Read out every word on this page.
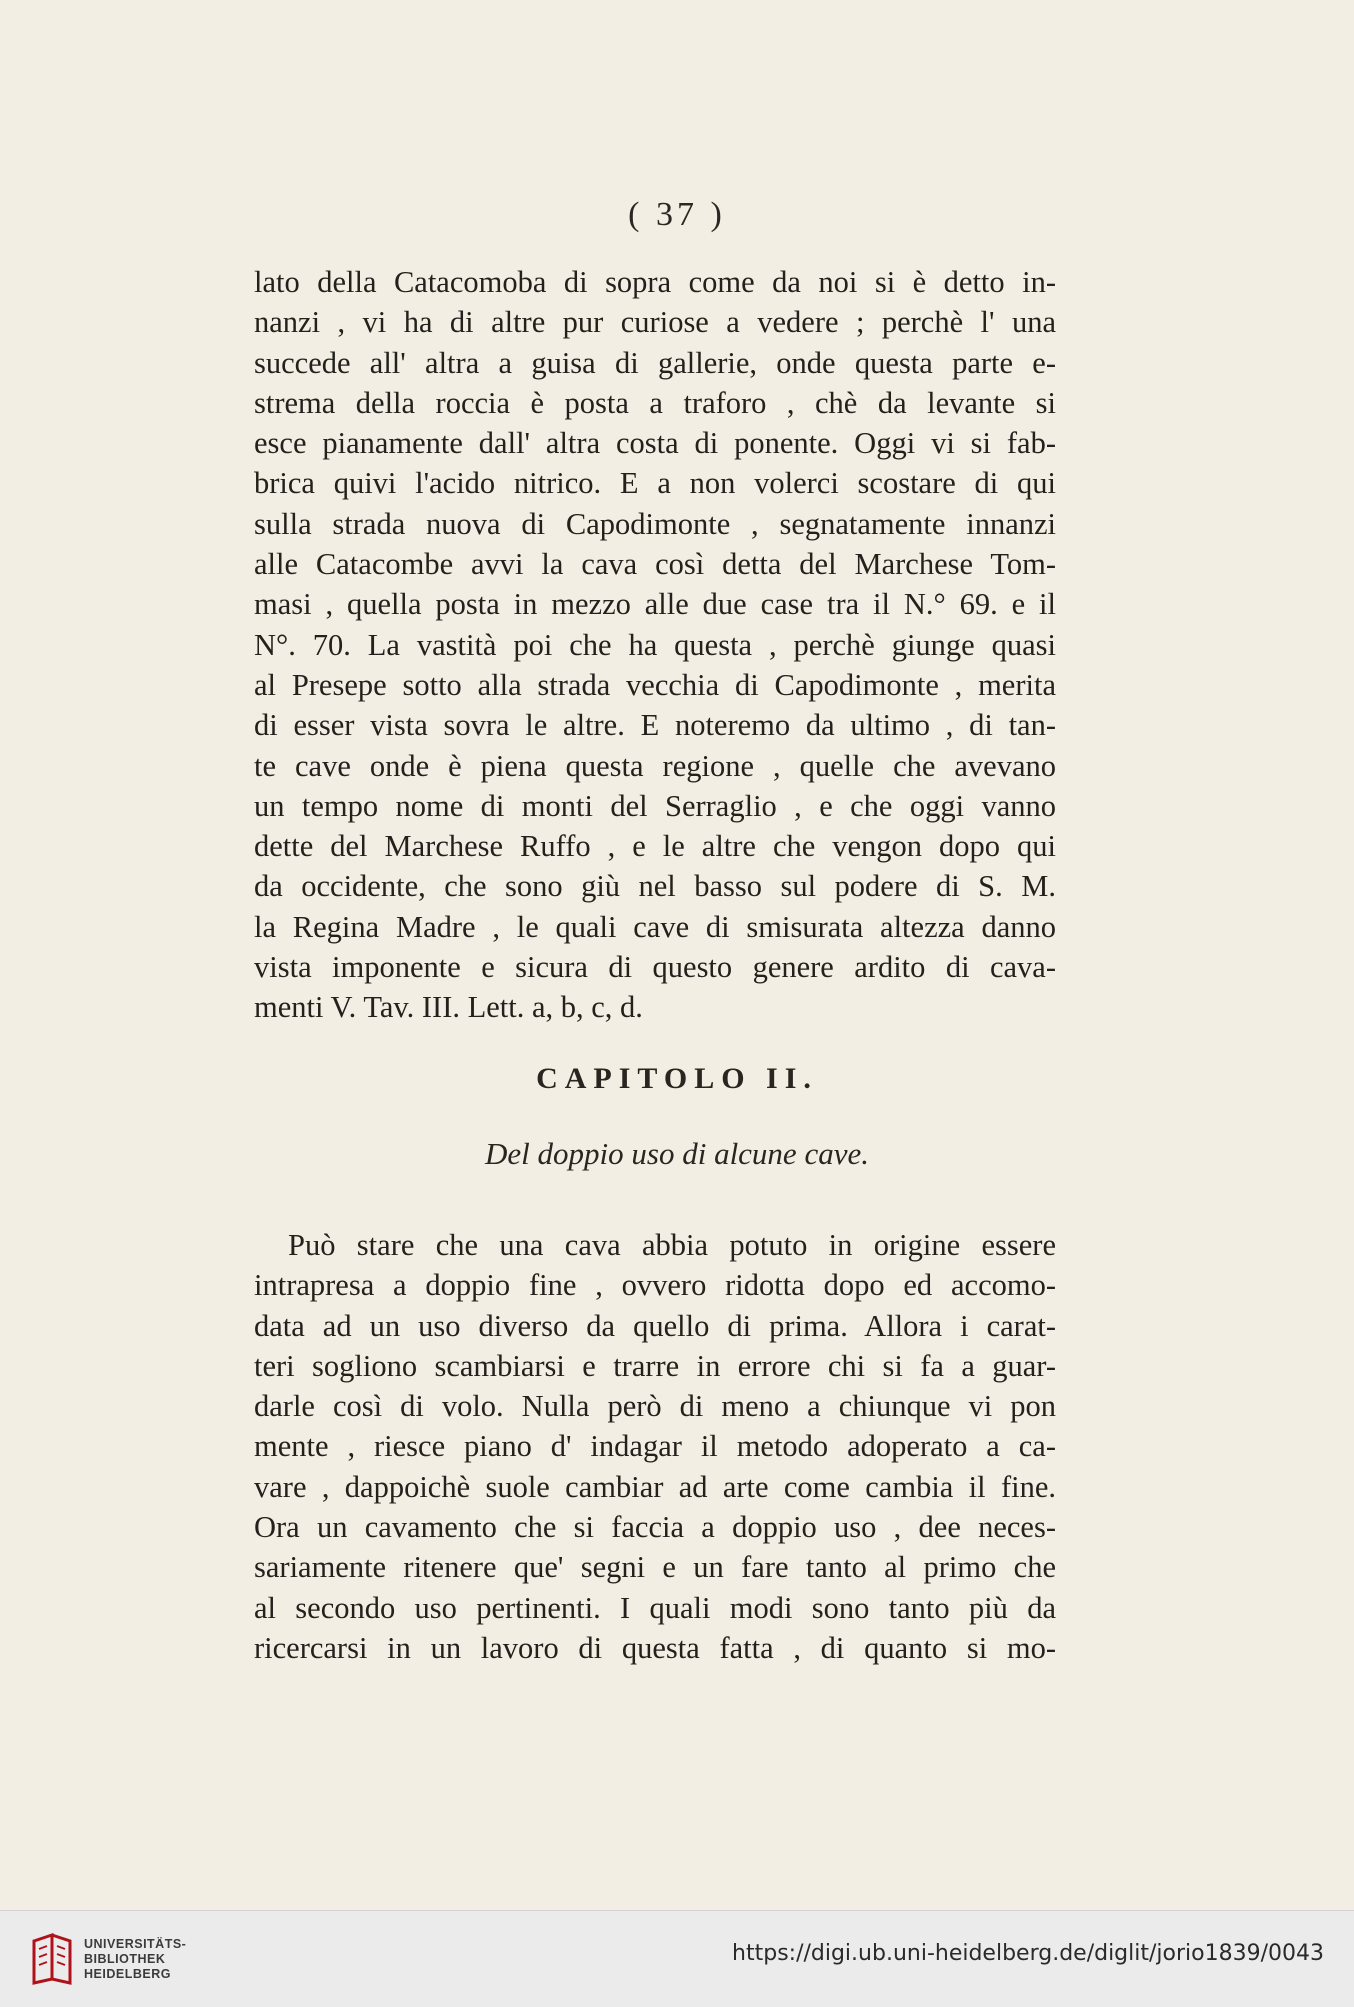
( 37 )
lato della Catacomoba di sopra come da noi si è detto in-
nanzi , vi ha di altre pur curiose a vedere ; perchè l' una
succede all' altra a guisa di gallerie, onde questa parte e-
strema della roccia è posta a traforo , chè da levante si
esce pianamente dall' altra costa di ponente. Oggi vi si fab-
brica quivi l'acido nitrico. E a non volerci scostare di qui
sulla strada nuova di Capodimonte , segnatamente innanzi
alle Catacombe avvi la cava così detta del Marchese Tom-
masi , quella posta in mezzo alle due case tra il N.° 69. e il
N°. 70. La vastità poi che ha questa , perchè giunge quasi
al Presepe sotto alla strada vecchia di Capodimonte , merita
di esser vista sovra le altre. E noteremo da ultimo , di tan-
te cave onde è piena questa regione , quelle che avevano
un tempo nome di monti del Serraglio , e che oggi vanno
dette del Marchese Ruffo , e le altre che vengon dopo qui
da occidente, che sono giù nel basso sul podere di S. M.
la Regina Madre , le quali cave di smisurata altezza danno
vista imponente e sicura di questo genere ardito di cava-
menti V. Tav. III. Lett. a, b, c, d.
CAPITOLO II.
Del doppio uso di alcune cave.
Può stare che una cava abbia potuto in origine essere
intrapresa a doppio fine , ovvero ridotta dopo ed accomo-
data ad un uso diverso da quello di prima. Allora i carat-
teri sogliono scambiarsi e trarre in errore chi si fa a guar-
darle così di volo. Nulla però di meno a chiunque vi pon
mente , riesce piano d' indagar il metodo adoperato a ca-
vare , dappoichè suole cambiar ad arte come cambia il fine.
Ora un cavamento che si faccia a doppio uso , dee neces-
sariamente ritenere que' segni e un fare tanto al primo che
al secondo uso pertinenti. I quali modi sono tanto più da
ricercarsi in un lavoro di questa fatta , di quanto si mo-
UNIVERSITÄTS-
BIBLIOTHEK
HEIDELBERG
https://digi.ub.uni-heidelberg.de/diglit/jorio1839/0043
